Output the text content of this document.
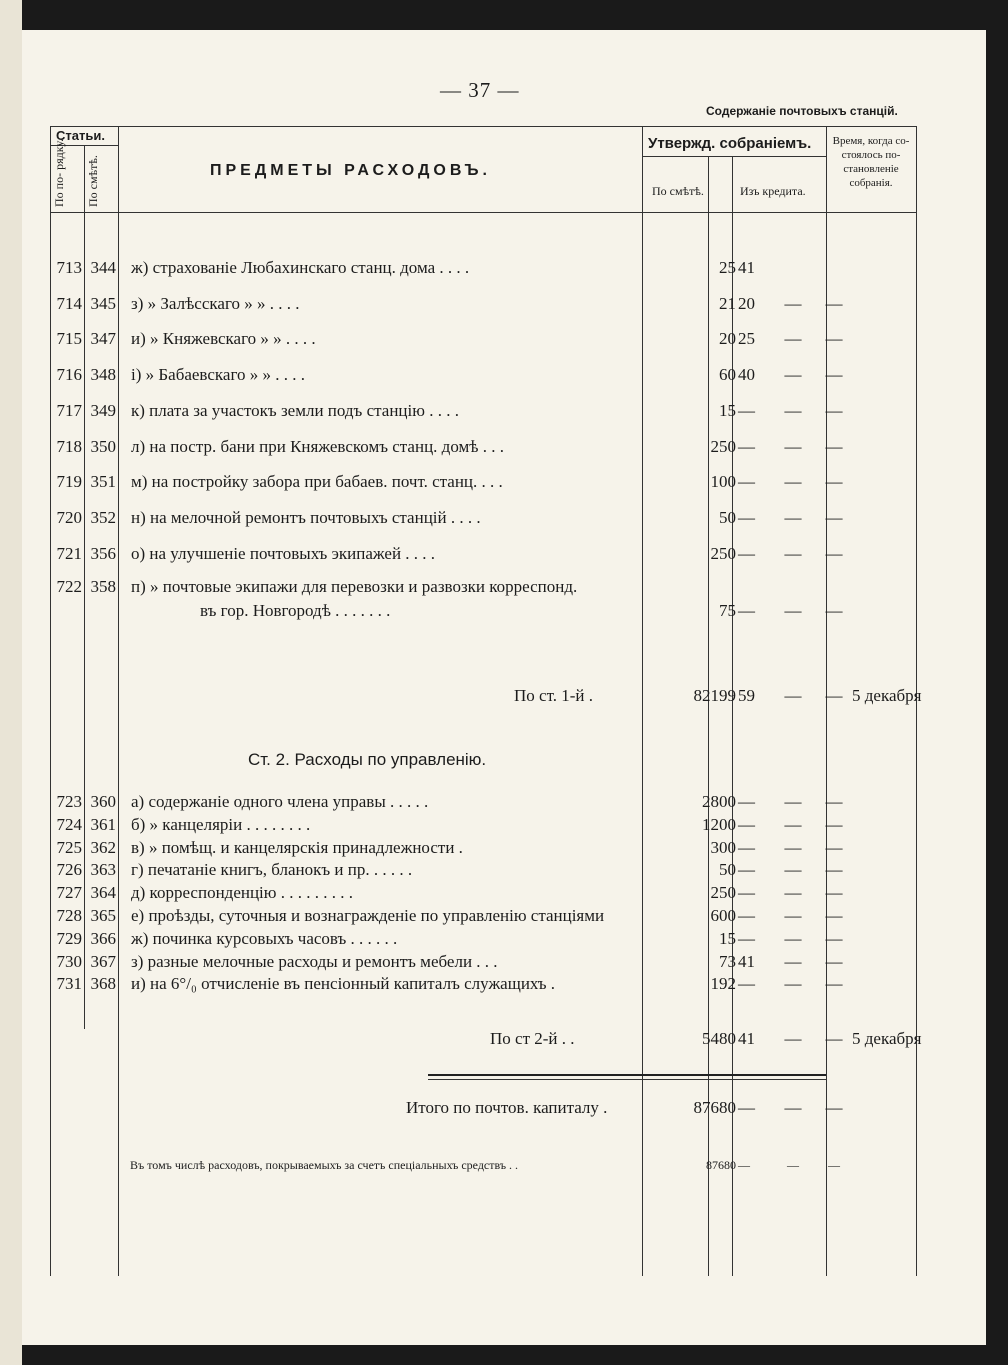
— 37 —
Содержаніе почтовыхъ станцій.
Статьи.
По по- рядку.	По смѣтѣ.	ПРЕДМЕТЫ РАСХОДОВЪ.
Утвержд. собраніемъ.
По смѣтѣ.	Изъ кредита.
Время, когда со- стоялось по- становленіе собранія.
713 344 ж) страхованіе Любахинскаго станц. дома . . . .	25 41
714 345 з) » Залѣсскаго » » . . . .	21 20	—	—
715 347 и) » Княжевскаго » » . . . .	20 25	—	—
716 348 і) » Бабаевскаго » » . . . .	60 40	—	—
717 349 к) плата за участокъ земли подъ станцію . . . .	15 —	—	—
718 350 л) на постр. бани при Княжевскомъ станц. домѣ . . .	250 —	—	—
719 351 м) на постройку забора при бабаев. почт. станц. . . .	100 —	—	—
720 352 н) на мелочной ремонтъ почтовыхъ станцій . . . .	50 —	—	—
721 356 о) на улучшеніе почтовыхъ экипажей . . . .	250 —	—	—
722 358 п) » почтовые экипажи для перевозки и развозки корреспонд.
въ гор. Новгородѣ . . . . . . .	75 —	—	—
По ст. 1-й .	82199 59	—	— 5 декабря
Ст. 2. Расходы по управленію.
723 360 а) содержаніе одного члена управы . . . . .	2800 —	—	—
724 361 б) » канцеляріи . . . . . . . .	1200 —	—	—
725 362 в) » помѣщ. и канцелярскія принадлежности .	300 —	—	—
726 363 г) печатаніе книгъ, бланокъ и пр. . . . . .	50 —	—	—
727 364 д) корреспонденцію . . . . . . . . .	250 —	—	—
728 365 е) проѣзды, суточныя и вознагражденіе по управленію станціями	600 —	—	—
729 366 ж) починка курсовыхъ часовъ . . . . . .	15 —	—	—
730 367 з) разные мелочные расходы и ремонтъ мебели . . .	73 41	—	—
731 368 и) на 6°/₀ отчисленіе въ пенсіонный капиталъ служащихъ .	192 —	—	—
По ст 2-й . .	5480 41	—	— 5 декабря
Итого по почтов. капиталу .	87680 —	—	—
Въ томъ числѣ расходовъ, покрываемыхъ за счетъ спеціальныхъ средствъ . .	87680 —	—	—
